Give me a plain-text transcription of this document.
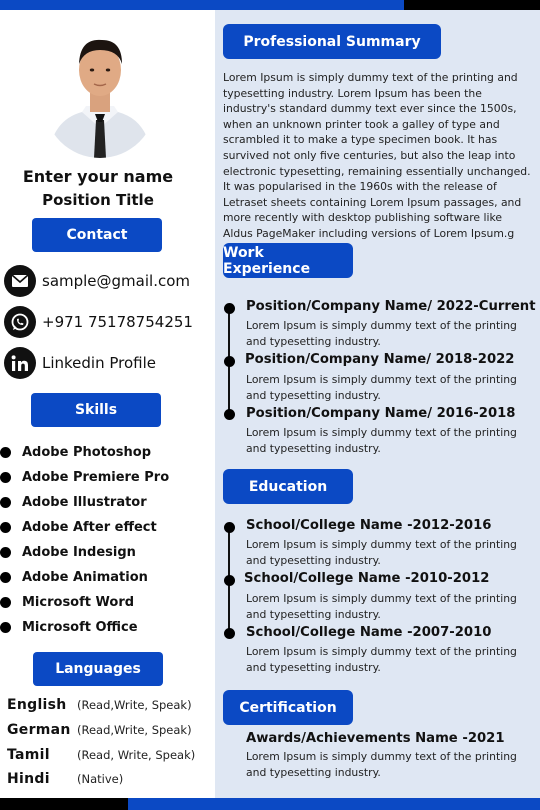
Enter your name
Position Title
Contact
sample@gmail.com
+971 75178754251
Linkedin Profile
Skills
Adobe Photoshop
Adobe Premiere Pro
Adobe Illustrator
Adobe After effect
Adobe Indesign
Adobe Animation
Microsoft Word
Microsoft Office
Languages
English (Read,Write, Speak)
German (Read,Write, Speak)
Tamil	(Read, Write, Speak)
Hindi	(Native)
Professional Summary
Lorem Ipsum is simply dummy text of the printing and typesetting industry. Lorem Ipsum has been the industry's standard dummy text ever since the 1500s, when an unknown printer took a galley of type and scrambled it to make a type specimen book. It has survived not only five centuries, but also the leap into electronic typesetting, remaining essentially unchanged. It was popularised in the 1960s with the release of Letraset sheets containing Lorem Ipsum passages, and more recently with desktop publishing software like Aldus PageMaker including versions of Lorem Ipsum.g
Work Experience
Position/Company Name/ 2022-Current
Lorem Ipsum is simply dummy text of the printing and typesetting industry.
Position/Company Name/ 2018-2022
Lorem Ipsum is simply dummy text of the printing and typesetting industry.
Position/Company Name/ 2016-2018
Lorem Ipsum is simply dummy text of the printing and typesetting industry.
Education
School/College Name -2012-2016
Lorem Ipsum is simply dummy text of the printing and typesetting industry.
School/College Name -2010-2012
Lorem Ipsum is simply dummy text of the printing and typesetting industry.
School/College Name -2007-2010
Lorem Ipsum is simply dummy text of the printing and typesetting industry.
Certification
Awards/Achievements Name -2021
Lorem Ipsum is simply dummy text of the printing and typesetting industry.
